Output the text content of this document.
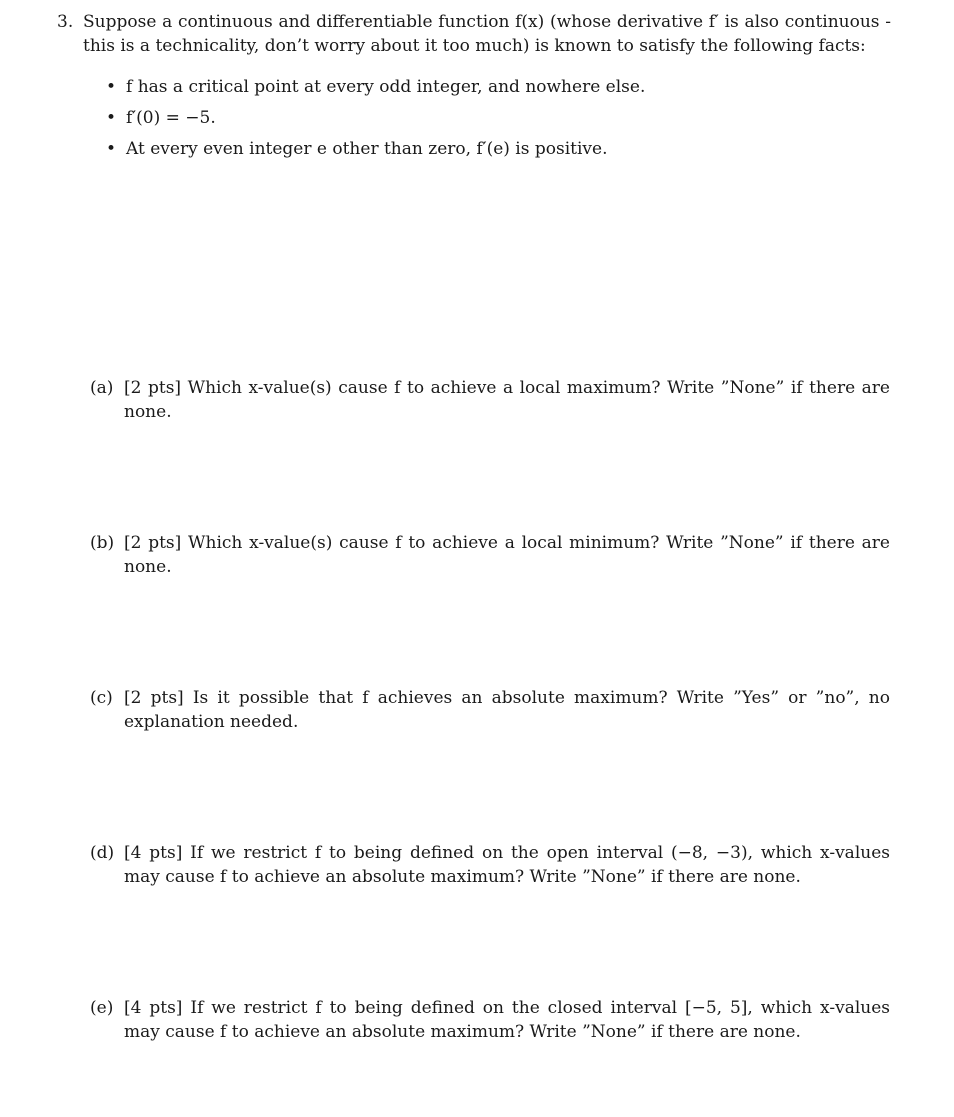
3. Suppose a continuous and differentiable function f(x) (whose derivative f′ is also continuous - this is a technicality, don’t worry about it too much) is known to satisfy the following facts:
• f has a critical point at every odd integer, and nowhere else.
• f′(0) = −5.
• At every even integer e other than zero, f′(e) is positive.
(a) [2 pts] Which x-value(s) cause f to achieve a local maximum? Write ”None” if there are none.
(b) [2 pts] Which x-value(s) cause f to achieve a local minimum? Write ”None” if there are none.
(c) [2 pts] Is it possible that f achieves an absolute maximum? Write ”Yes” or ”no”, no explanation needed.
(d) [4 pts] If we restrict f to being defined on the open interval (−8, −3), which x-values may cause f to achieve an absolute maximum? Write ”None” if there are none.
(e) [4 pts] If we restrict f to being defined on the closed interval [−5, 5], which x-values may cause f to achieve an absolute maximum? Write ”None” if there are none.
